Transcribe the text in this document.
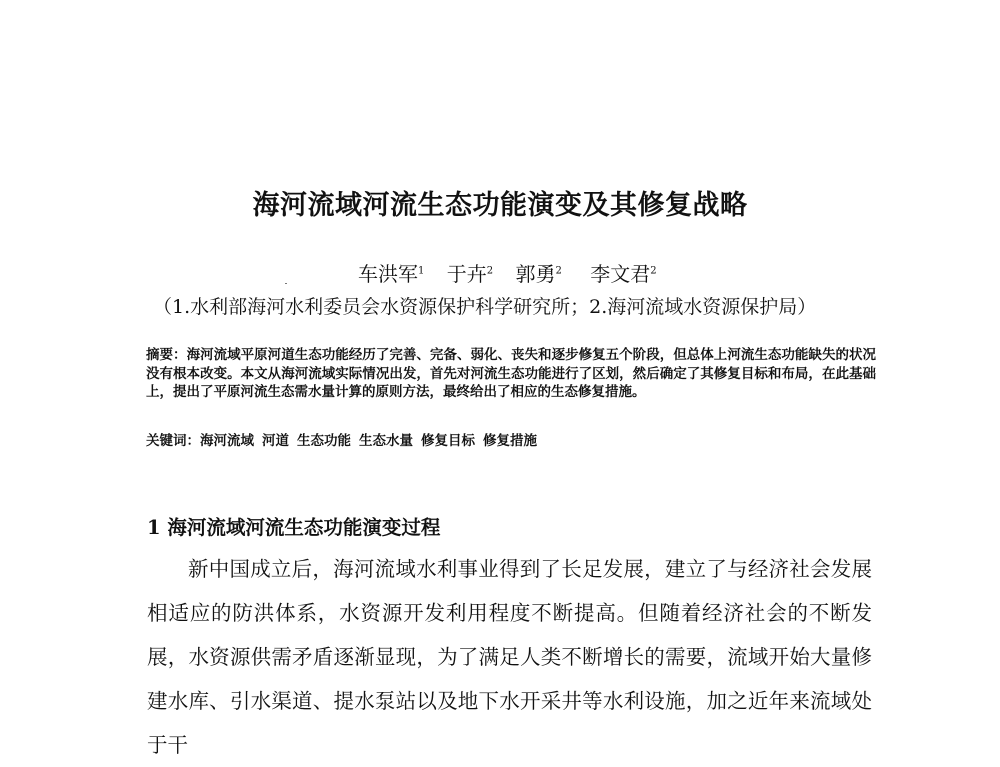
海河流域河流生态功能演变及其修复战略
车洪军$^1$ 于卉$^2$ 郭勇$^2$ 李文君$^2$
（1.水利部海河水利委员会水资源保护科学研究所；2.海河流域水资源保护局）
摘要：海河流域平原河道生态功能经历了完善、完备、弱化、丧失和逐步修复五个阶段，但总体上河流生态功能缺失的状况没有根本改变。本文从海河流域实际情况出发，首先对河流生态功能进行了区划，然后确定了其修复目标和布局，在此基础上，提出了平原河流生态需水量计算的原则方法，最终给出了相应的生态修复措施。
关键词：海河流域 河道 生态功能 生态水量 修复目标 修复措施
1 海河流域河流生态功能演变过程
新中国成立后，海河流域水利事业得到了长足发展，建立了与经济社会发展相适应的防洪体系，水资源开发利用程度不断提高。但随着经济社会的不断发展，水资源供需矛盾逐渐显现，为了满足人类不断增长的需要，流域开始大量修建水库、引水渠道、提水泵站以及地下水开采井等水利设施，加之近年来流域处于干
